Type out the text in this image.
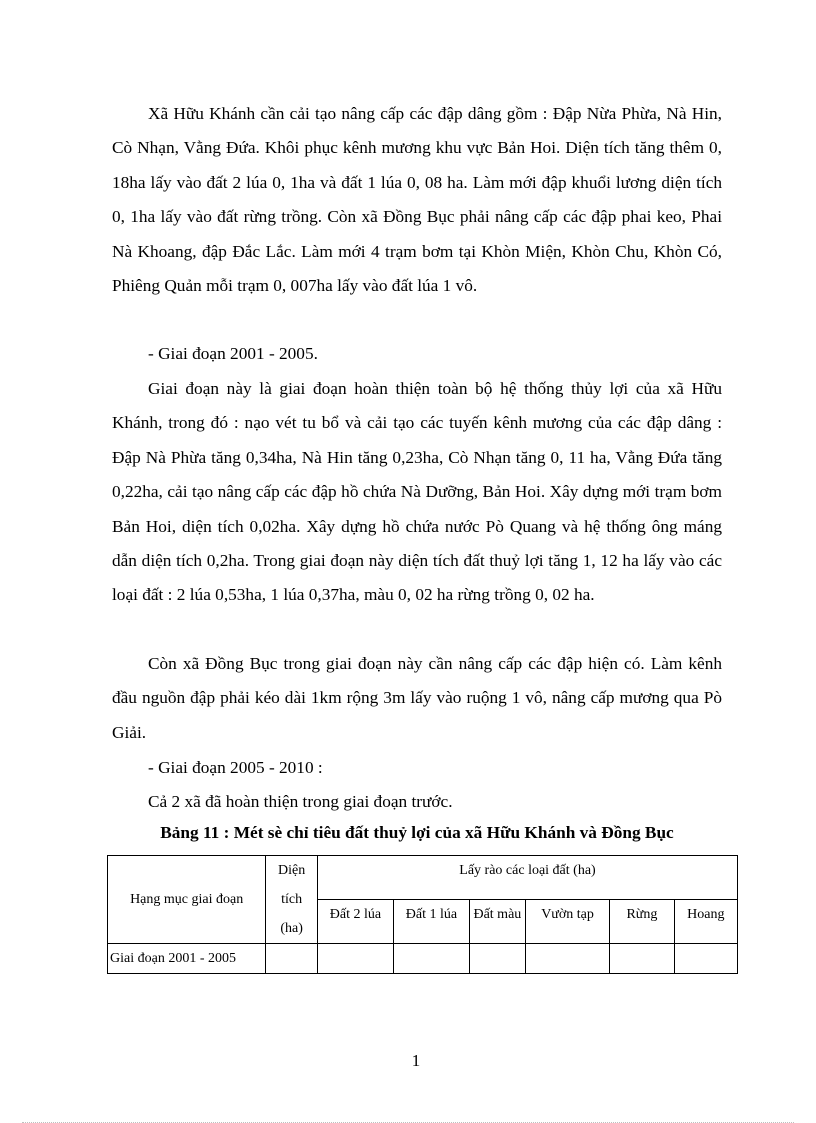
Xã Hữu Khánh cần cải tạo nâng cấp các đập dâng gồm : Đập Nừa Phừa, Nà Hin, Cò Nhạn, Vằng Đứa. Khôi phục kênh mương khu vực Bản Hoi. Diện tích tăng thêm 0, 18ha lấy vào đất 2 lúa 0, 1ha và đất 1 lúa 0, 08 ha. Làm mới đập khuổi lương diện tích 0, 1ha lấy vào đất rừng trồng. Còn xã Đồng Bục phải nâng cấp các đập phai keo, Phai Nà Khoang, đập Đắc Lắc. Làm mới 4 trạm bơm tại Khòn Miện, Khòn Chu, Khòn Có, Phiêng Quản mỗi trạm 0, 007ha lấy vào đất lúa 1 vô.

- Giai đoạn 2001 - 2005.

Giai đoạn này là giai đoạn hoàn thiện toàn bộ hệ thống thủy lợi của xã Hữu Khánh, trong đó : nạo vét tu bổ và cải tạo các tuyến kênh mương của các đập dâng : Đập Nà Phừa tăng 0,34ha, Nà Hin tăng 0,23ha, Cò Nhạn tăng 0, 11 ha, Vằng Đứa tăng 0,22ha, cải tạo nâng cấp các đập hồ chứa Nà Dưỡng, Bản Hoi. Xây dựng mới trạm bơm Bản Hoi, diện tích 0,02ha. Xây dựng hồ chứa nước Pò Quang và hệ thống ông máng dẫn diện tích 0,2ha. Trong giai đoạn này diện tích đất thuỷ lợi tăng 1, 12 ha lấy vào các loại đất : 2 lúa 0,53ha, 1 lúa 0,37ha, màu 0, 02 ha rừng trồng 0, 02 ha.

Còn xã Đồng Bục trong giai đoạn này cần nâng cấp các đập hiện có. Làm kênh đầu nguồn đập phải kéo dài 1km rộng 3m lấy vào ruộng 1 vô, nâng cấp mương qua Pò Giải.

- Giai đoạn 2005 - 2010 :

Cả 2 xã đã hoàn thiện trong giai đoạn trước.

Bảng 11 : Mét sè chỉ tiêu đất thuỷ lợi của xã Hữu Khánh và Đồng Bục

Hạng mục giai đoạn	Diện tích (ha)	Lấy rào các loại đất (ha)					
		Đất 2 lúa	Đất 1 lúa	Đất màu	Vườn tạp	Rừng	Hoang
Giai đoạn 2001 - 2005							
1
